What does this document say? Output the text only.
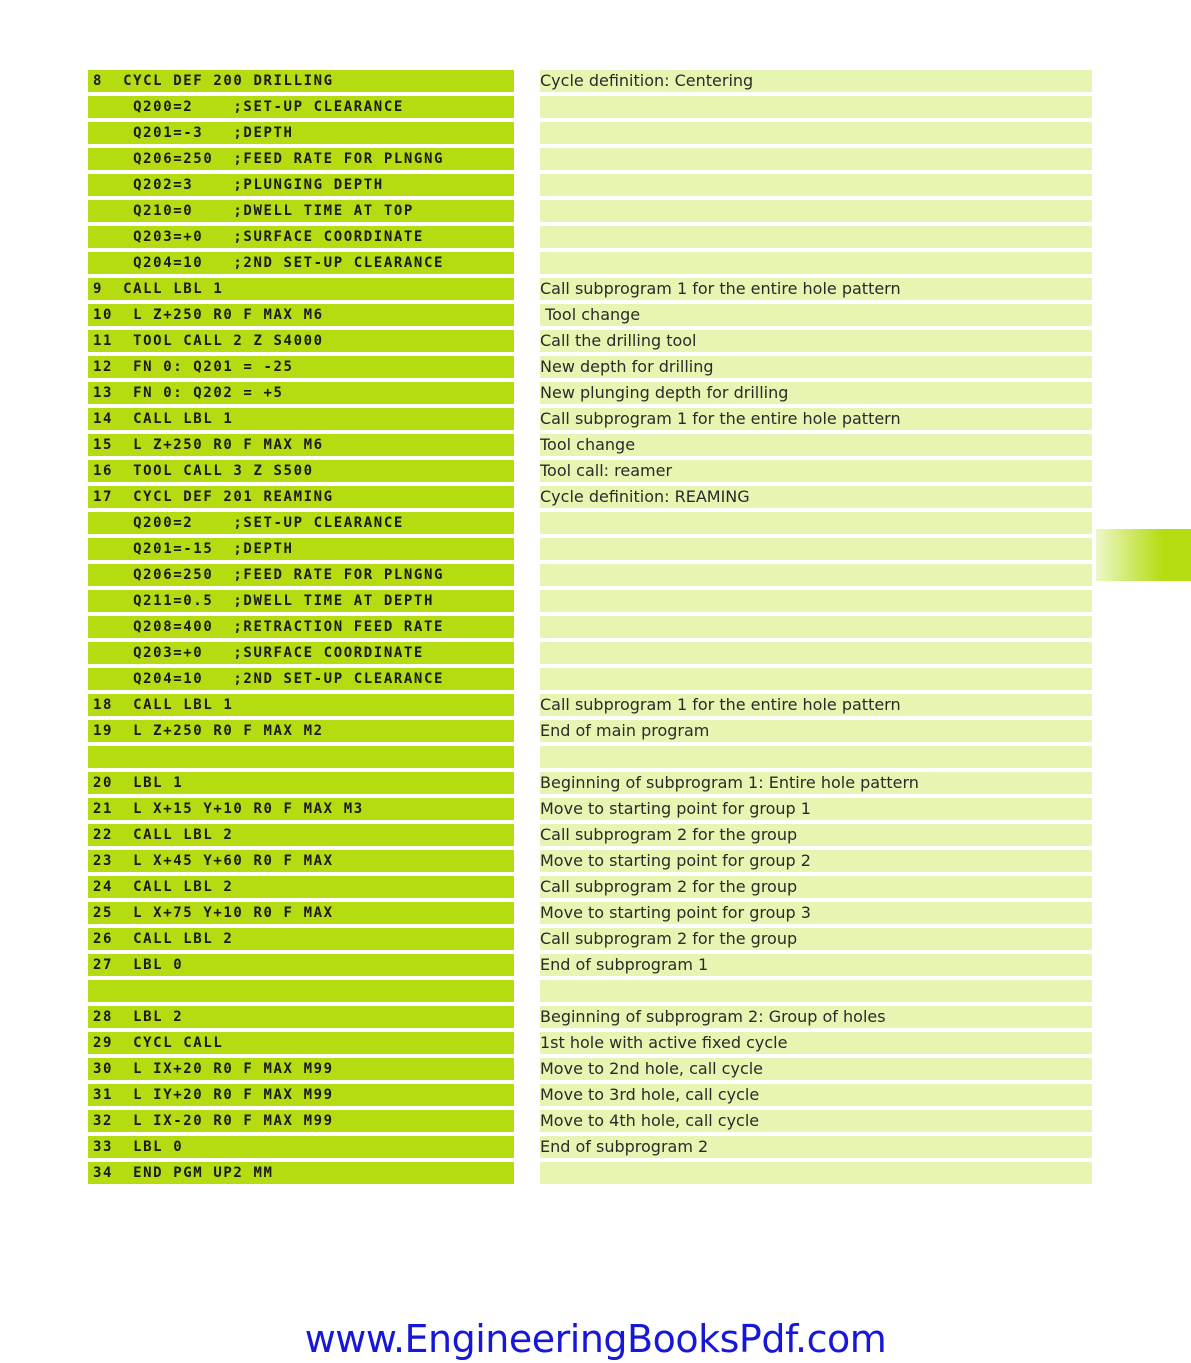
8  CYCL DEF 200 DRILLING	Cycle definition: Centering
Q200=2    ;SET-UP CLEARANCE
Q201=-3   ;DEPTH
Q206=250  ;FEED RATE FOR PLNGNG
Q202=3    ;PLUNGING DEPTH
Q210=0    ;DWELL TIME AT TOP
Q203=+0   ;SURFACE COORDINATE
Q204=10   ;2ND SET-UP CLEARANCE
9  CALL LBL 1	Call subprogram 1 for the entire hole pattern
10  L Z+250 R0 F MAX M6	Tool change
11  TOOL CALL 2 Z S4000	Call the drilling tool
12  FN 0: Q201 = -25	New depth for drilling
13  FN 0: Q202 = +5	New plunging depth for drilling
14  CALL LBL 1	Call subprogram 1 for the entire hole pattern
15  L Z+250 R0 F MAX M6	Tool change
16  TOOL CALL 3 Z S500	Tool call: reamer
17  CYCL DEF 201 REAMING	Cycle definition: REAMING
Q200=2    ;SET-UP CLEARANCE
Q201=-15  ;DEPTH
Q206=250  ;FEED RATE FOR PLNGNG
Q211=0.5  ;DWELL TIME AT DEPTH
Q208=400  ;RETRACTION FEED RATE
Q203=+0   ;SURFACE COORDINATE
Q204=10   ;2ND SET-UP CLEARANCE
18  CALL LBL 1	Call subprogram 1 for the entire hole pattern
19  L Z+250 R0 F MAX M2	End of main program
20  LBL 1	Beginning of subprogram 1: Entire hole pattern
21  L X+15 Y+10 R0 F MAX M3	Move to starting point for group 1
22  CALL LBL 2	Call subprogram 2 for the group
23  L X+45 Y+60 R0 F MAX	Move to starting point for group 2
24  CALL LBL 2	Call subprogram 2 for the group
25  L X+75 Y+10 R0 F MAX	Move to starting point for group 3
26  CALL LBL 2	Call subprogram 2 for the group
27  LBL 0	End of subprogram 1
28  LBL 2	Beginning of subprogram 2: Group of holes
29  CYCL CALL	1st hole with active fixed cycle
30  L IX+20 R0 F MAX M99	Move to 2nd hole, call cycle
31  L IY+20 R0 F MAX M99	Move to 3rd hole, call cycle
32  L IX-20 R0 F MAX M99	Move to 4th hole, call cycle
33  LBL 0	End of subprogram 2
34  END PGM UP2 MM
www.EngineeringBooksPdf.com
